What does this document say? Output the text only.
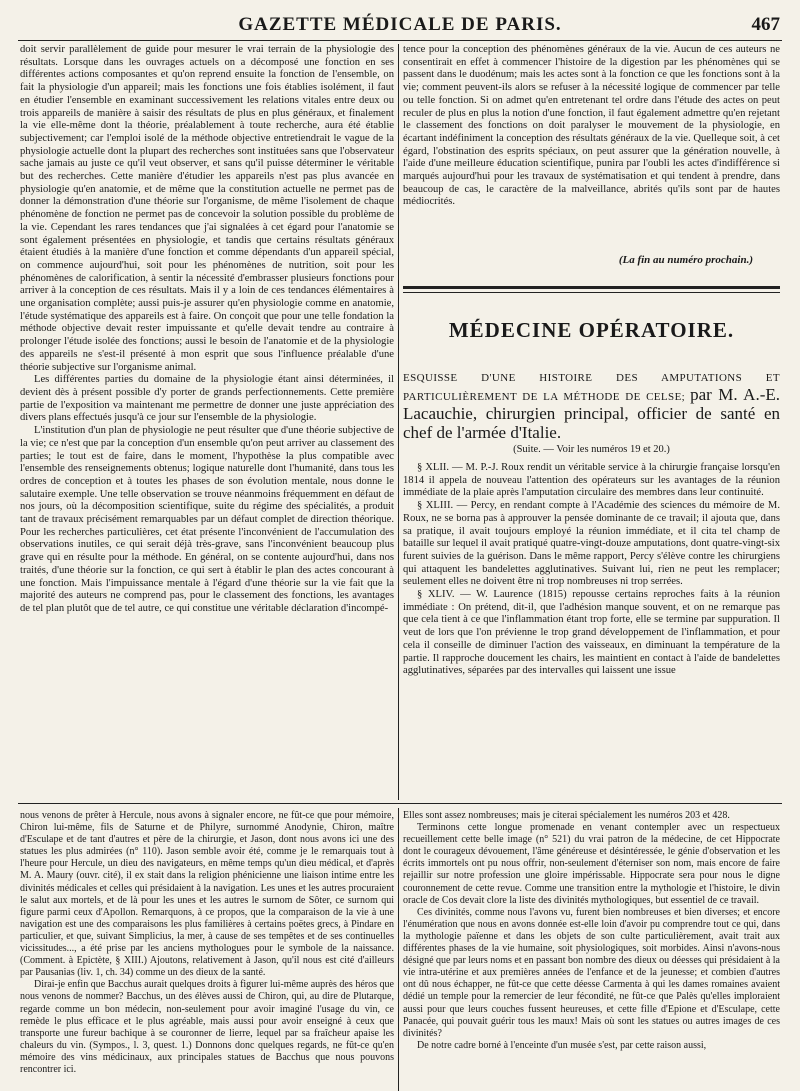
GAZETTE MÉDICALE DE PARIS.	467

doit servir parallèlement de guide pour mesurer le vrai terrain de la physiologie des résultats. Lorsque dans les ouvrages actuels on a décomposé une fonction en ses différentes actions composantes et qu'on reprend ensuite la fonction de l'ensemble, on fait la physiologie d'un appareil; mais les fonctions une fois établies isolément, il faut en étudier l'ensemble en examinant successivement les relations vitales entre deux ou trois appareils de manière à saisir des résultats de plus en plus généraux, et finalement la vie elle-même dont la théorie, préalablement à toute recherche, aura été établie subjectivement; car l'emploi isolé de la méthode objective entretiendrait le vague de la physiologie actuelle dont la plupart des recherches sont instituées sans que l'observateur sache jamais au juste ce qu'il veut observer, et sans qu'il puisse déterminer le véritable but des recherches. Cette manière d'étudier les appareils n'est pas plus avancée en physiologie qu'en anatomie, et de même que la constitution actuelle ne permet pas de donner la démonstration d'une théorie sur l'organisme, de même l'isolement de chaque phénomène de fonction ne permet pas de concevoir la solution possible du problème de la vie. Cependant les rares tendances que j'ai signalées à cet égard pour l'anatomie se sont également présentées en physiologie, et tandis que certains résultats généraux étaient étudiés à la manière d'une fonction et comme dépendants d'un appareil spécial, on commence aujourd'hui, soit pour les phénomènes de nutrition, soit pour les phénomènes de calorification, à sentir la nécessité d'embrasser plusieurs fonctions pour arriver à la conception de ces résultats. Mais il y a loin de ces tendances élémentaires à une organisation complète; aussi puis-je assurer qu'en physiologie comme en anatomie, l'étude systématique des appareils est à faire. On conçoit que pour une telle fondation la méthode objective devait rester impuissante et qu'elle devait tendre au contraire à prolonger l'étude isolée des fonctions; aussi le besoin de l'anatomie et de la physiologie des appareils ne s'est-il présenté à mon esprit que sous l'influence préalable d'une théorie subjective sur l'organisme animal.

Les différentes parties du domaine de la physiologie étant ainsi déterminées, il devient dès à présent possible d'y porter de grands perfectionnements. Cette première partie de l'exposition va maintenant me permettre de donner une juste appréciation des divers plans effectués jusqu'à ce jour sur l'ensemble de la physiologie.

L'institution d'un plan de physiologie ne peut résulter que d'une théorie subjective de la vie; ce n'est que par la conception d'un ensemble qu'on peut arriver au classement des parties; le tout est de faire, dans le moment, l'hypothèse la plus compatible avec l'ensemble des renseignements obtenus; logique naturelle dont l'humanité, dans tous les ordres de conception et à toutes les phases de son évolution mentale, nous donne le salutaire exemple. Une telle observation se trouve néanmoins fréquemment en défaut de nos jours, où la décomposition scientifique, suite du régime des spécialités, a produit tant de travaux précisément remarquables par un défaut complet de direction théorique. Pour les recherches particulières, cet état présente l'inconvénient de l'accumulation des observations inutiles, ce qui serait déjà très-grave, sans l'inconvénient beaucoup plus grave qui en résulte pour la méthode. En général, on se contente aujourd'hui, dans nos traités, d'une théorie sur la fonction, ce qui sert à établir le plan des actes concourant à une fonction. Mais l'impuissance mentale à l'égard d'une théorie sur la vie fait que la majorité des auteurs ne comprend pas, pour le classement des fonctions, les avantages de tel plan plutôt que de tel autre, ce qui constitue une véritable déclaration d'incompé-

tence pour la conception des phénomènes généraux de la vie. Aucun de ces auteurs ne consentirait en effet à commencer l'histoire de la digestion par les phénomènes qui se passent dans le duodénum; mais les actes sont à la fonction ce que les fonctions sont à la vie; comment peuvent-ils alors se refuser à la nécessité logique de commencer par telle ou telle fonction. Si on admet qu'en entretenant tel ordre dans l'étude des actes on peut reculer de plus en plus la notion d'une fonction, il faut également admettre qu'en rejetant le classement des fonctions on doit paralyser le mouvement de la physiologie, en écartant indéfiniment la conception des résultats généraux de la vie. Quelleque soit, à cet égard, l'obstination des esprits spéciaux, on peut assurer que la génération nouvelle, à l'aide d'une meilleure éducation scientifique, punira par l'oubli les actes d'indifférence si marqués aujourd'hui pour les travaux de systématisation et qui tendent à prendre, dans beaucoup de cas, le caractère de la malveillance, abrités qu'ils sont par de hautes médiocrités.

(La fin au numéro prochain.)
MÉDECINE OPÉRATOIRE.
ESQUISSE D'UNE HISTOIRE DES AMPUTATIONS ET PARTICULIÈREMENT DE LA MÉTHODE DE CELSE; par M. A.-E. Lacauchie, chirurgien principal, officier de santé en chef de l'armée d'Italie.
(Suite. — Voir les numéros 19 et 20.)

§ XLII. — M. P.-J. Roux rendit un véritable service à la chirurgie française lorsqu'en 1814 il appela de nouveau l'attention des opérateurs sur les avantages de la réunion immédiate de la plaie après l'amputation circulaire des membres dans leur continuité.

§ XLIII. — Percy, en rendant compte à l'Académie des sciences du mémoire de M. Roux, ne se borna pas à approuver la pensée dominante de ce travail; il ajouta que, dans sa pratique, il avait toujours employé la réunion immédiate, et il cita tel champ de bataille sur lequel il avait pratiqué quatre-vingt-douze amputations, dont quatre-vingt-six furent suivies de la guérison. Dans le même rapport, Percy s'élève contre les chirurgiens qui attaquent les bandelettes agglutinatives. Suivant lui, rien ne peut les remplacer; seulement elles ne doivent être ni trop nombreuses ni trop serrées.

§ XLIV. — W. Laurence (1815) repousse certains reproches faits à la réunion immédiate : On prétend, dit-il, que l'adhésion manque souvent, et on ne remarque pas que cela tient à ce que l'inflammation étant trop forte, elle se termine par suppuration. Il veut de lors que l'on prévienne le trop grand développement de l'inflammation, et pour cela il conseille de diminuer l'action des vaisseaux, en diminuant la température de la partie. Il rapproche doucement les chairs, les maintient en contact à l'aide de bandelettes agglutinatives, séparées par des intervalles qui laissent une issue

nous venons de prêter à Hercule, nous avons à signaler encore, ne fût-ce que pour mémoire, Chiron lui-même, fils de Saturne et de Philyre, surnommé Anodynie, Chiron, maître d'Esculape et de tant d'autres et père de la chirurgie, et Jason, dont nous avons ici une des statues les plus admirées (n° 110). Jason semble avoir été, comme je le remarquais tout à l'heure pour Hercule, un dieu des navigateurs, en même temps qu'un dieu médical, et d'après M. A. Maury (ouvr. cité), il ex stait dans la religion phénicienne une liaison intime entre les divinités médicales et celles qui présidaient à la navigation. Les unes et les autres procuraient le salut aux mortels, et de là pour les unes et les autres le surnom de Sôter, ce surnom qui figure parmi ceux d'Apollon. Remarquons, à ce propos, que la comparaison de la vie à une navigation est une des comparaisons les plus familières à certains poëtes grecs, à Pindare en particulier, et que, suivant Simplicius, la mer, à cause de ses tempêtes et de ses continuelles vicissitudes..., a été prise par les anciens mythologues pour le symbole de la naissance. (Comment. à Epictète, § XIII.) Ajoutons, relativement à Jason, qu'il nous est cité d'ailleurs par Pausanias (liv. 1, ch. 34) comme un des dieux de la santé.

Dirai-je enfin que Bacchus aurait quelques droits à figurer lui-même auprès des héros que nous venons de nommer? Bacchus, un des élèves aussi de Chiron, qui, au dire de Plutarque, regarde comme un bon médecin, non-seulement pour avoir imaginé l'usage du vin, ce remède le plus efficace et le plus agréable, mais aussi pour avoir enseigné à ceux que transporte une fureur bachique à se couronner de lierre, lequel par sa fraîcheur apaise les chaleurs du vin. (Sympos., l. 3, quest. 1.) Donnons donc quelques regards, ne fût-ce qu'en mémoire des vins médicinaux, aux principales statues de Bacchus que nous pouvons rencontrer ici.

Elles sont assez nombreuses; mais je citerai spécialement les numéros 203 et 428.

Terminons cette longue promenade en venant contempler avec un respectueux recueillement cette belle image (n° 521) du vrai patron de la médecine, de cet Hippocrate dont le courageux dévouement, l'âme généreuse et désintéressée, le génie d'observation et les écrits immortels ont pu nous offrir, non-seulement d'éterniser son nom, mais encore de faire rejaillir sur notre profession une gloire impérissable. Hippocrate sera pour nous le digne couronnement de cette revue. Comme une transition entre la mythologie et l'histoire, le divin oracle de Cos devait clore la liste des divinités mythologiques, but essentiel de ce travail.

Ces divinités, comme nous l'avons vu, furent bien nombreuses et bien diverses; et encore l'énumération que nous en avons donnée est-elle loin d'avoir pu comprendre tout ce qui, dans la mythologie païenne et dans les objets de son culte particulièrement, avait trait aux différentes phases de la vie humaine, soit physiologiques, soit morbides. Ainsi n'avons-nous désigné que par leurs noms et en passant bon nombre des dieux ou déesses qui présidaient à la vie intra-utérine et aux premières années de l'enfance et de la jeunesse; et combien d'autres ont dû nous échapper, ne fût-ce que cette déesse Carmenta à qui les dames romaines avaient dédié un temple pour la remercier de leur fécondité, ne fût-ce que Palès qu'elles imploraient aussi pour que leurs couches fussent heureuses, et cette fille d'Epione et d'Esculape, cette Panacée, qui pouvait guérir tous les maux! Mais où sont les statues ou autres images de ces divinités?

De notre cadre borné à l'enceinte d'un musée s'est, par cette raison aussi,
